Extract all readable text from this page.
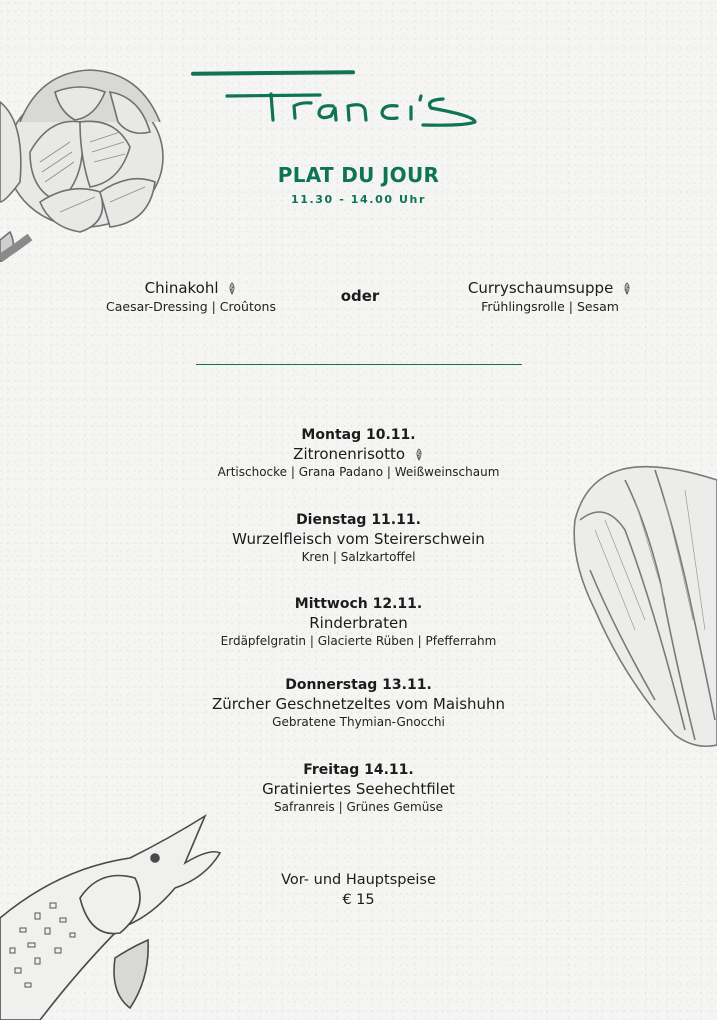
PLAT DU JOUR
11.30 - 14.00 Uhr
Chinakohl
Caesar-Dressing | Croûtons
oder	Curryschaumsuppe
Frühlingsrolle | Sesam
Montag 10.11.
Zitronenrisotto
Artischocke | Grana Padano | Weißweinschaum
Dienstag 11.11.
Wurzelfleisch vom Steirerschwein
Kren | Salzkartoffel
Mittwoch 12.11.
Rinderbraten
Erdäpfelgratin | Glacierte Rüben | Pfefferrahm
Donnerstag 13.11.
Zürcher Geschnetzeltes vom Maishuhn
Gebratene Thymian-Gnocchi
Freitag 14.11.
Gratiniertes Seehechtfilet
Safranreis | Grünes Gemüse
Vor- und Hauptspeise
€ 15
